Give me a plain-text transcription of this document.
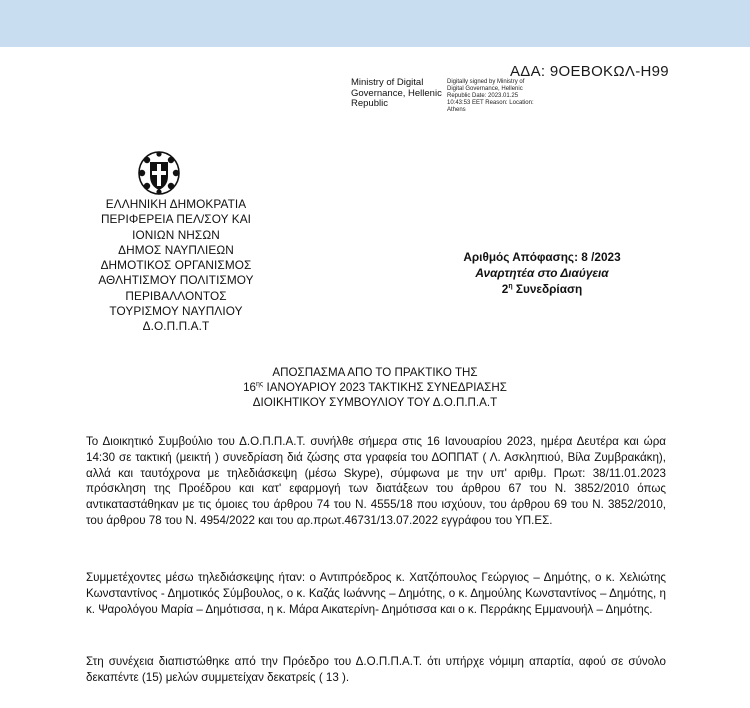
ΑΔΑ: 9ΟΕΒΟΚΩΛ-Η99
Ministry of Digital Governance, Hellenic Republic
Digitally signed by Ministry of Digital Governance, Hellenic Republic Date: 2023.01.25 10:43:53 EET Reason: Location: Athens
ΕΛΛΗΝΙΚΗ ΔΗΜΟΚΡΑΤΙΑ
ΠΕΡΙΦΕΡΕΙΑ ΠΕΛ/ΣΟΥ ΚΑΙ
ΙΟΝΙΩΝ ΝΗΣΩΝ
ΔΗΜΟΣ ΝΑΥΠΛΙΕΩΝ
ΔΗΜΟΤΙΚΟΣ ΟΡΓΑΝΙΣΜΟΣ
ΑΘΛΗΤΙΣΜΟΥ ΠΟΛΙΤΙΣΜΟΥ
ΠΕΡΙΒΑΛΛΟΝΤΟΣ
ΤΟΥΡΙΣΜΟΥ ΝΑΥΠΛΙΟΥ
Δ.Ο.Π.Π.Α.Τ
Αριθμός Απόφασης: 8 /2023
Αναρτητέα στο Διαύγεια
$2^\eta$ Συνεδρίαση
ΑΠΟΣΠΑΣΜΑ ΑΠΟ ΤΟ ΠΡΑΚΤΙΚΟ ΤΗΣ
$16^{\eta\varsigma}$ ΙΑΝΟΥΑΡΙΟΥ 2023 ΤΑΚΤΙΚΗΣ ΣΥΝΕΔΡΙΑΣΗΣ
ΔΙΟΙΚΗΤΙΚΟΥ ΣΥΜΒΟΥΛΙΟΥ ΤΟΥ Δ.Ο.Π.Π.Α.Τ
Το Διοικητικό Συμβούλιο του Δ.Ο.Π.Π.Α.Τ. συνήλθε σήμερα στις 16 Ιανουαρίου 2023, ημέρα Δευτέρα και ώρα 14:30 σε τακτική (μεικτή ) συνεδρίαση διά ζώσης στα γραφεία του ΔΟΠΠΑΤ ( Λ. Ασκληπιού, Βίλα Ζυμβρακάκη), αλλά και ταυτόχρονα με τηλεδιάσκεψη (μέσω Skype), σύμφωνα με την υπ' αριθμ. Πρωτ: 38/11.01.2023 πρόσκληση της Προέδρου και κατ' εφαρμογή των διατάξεων του άρθρου 67 του Ν. 3852/2010 όπως αντικαταστάθηκαν με τις όμοιες του άρθρου 74 του Ν. 4555/18 που ισχύουν, του άρθρου 69 του Ν. 3852/2010, του άρθρου 78 του Ν. 4954/2022 και του αρ.πρωτ.46731/13.07.2022 εγγράφου του ΥΠ.ΕΣ.
Συμμετέχοντες μέσω τηλεδιάσκεψης ήταν: ο Αντιπρόεδρος κ. Χατζόπουλος Γεώργιος – Δημότης, ο κ. Χελιώτης Κωνσταντίνος - Δημοτικός Σύμβουλος, ο κ. Καζάς Ιωάννης – Δημότης, ο κ. Δημούλης Κωνσταντίνος – Δημότης, η κ. Ψαρολόγου Μαρία – Δημότισσα, η κ. Μάρα Αικατερίνη- Δημότισσα και ο κ. Περράκης Εμμανουήλ – Δημότης.
Στη συνέχεια διαπιστώθηκε από την Πρόεδρο του Δ.Ο.Π.Π.Α.Τ. ότι υπήρχε νόμιμη απαρτία, αφού σε σύνολο δεκαπέντε (15) μελών συμμετείχαν δεκατρείς ( 13 ).
